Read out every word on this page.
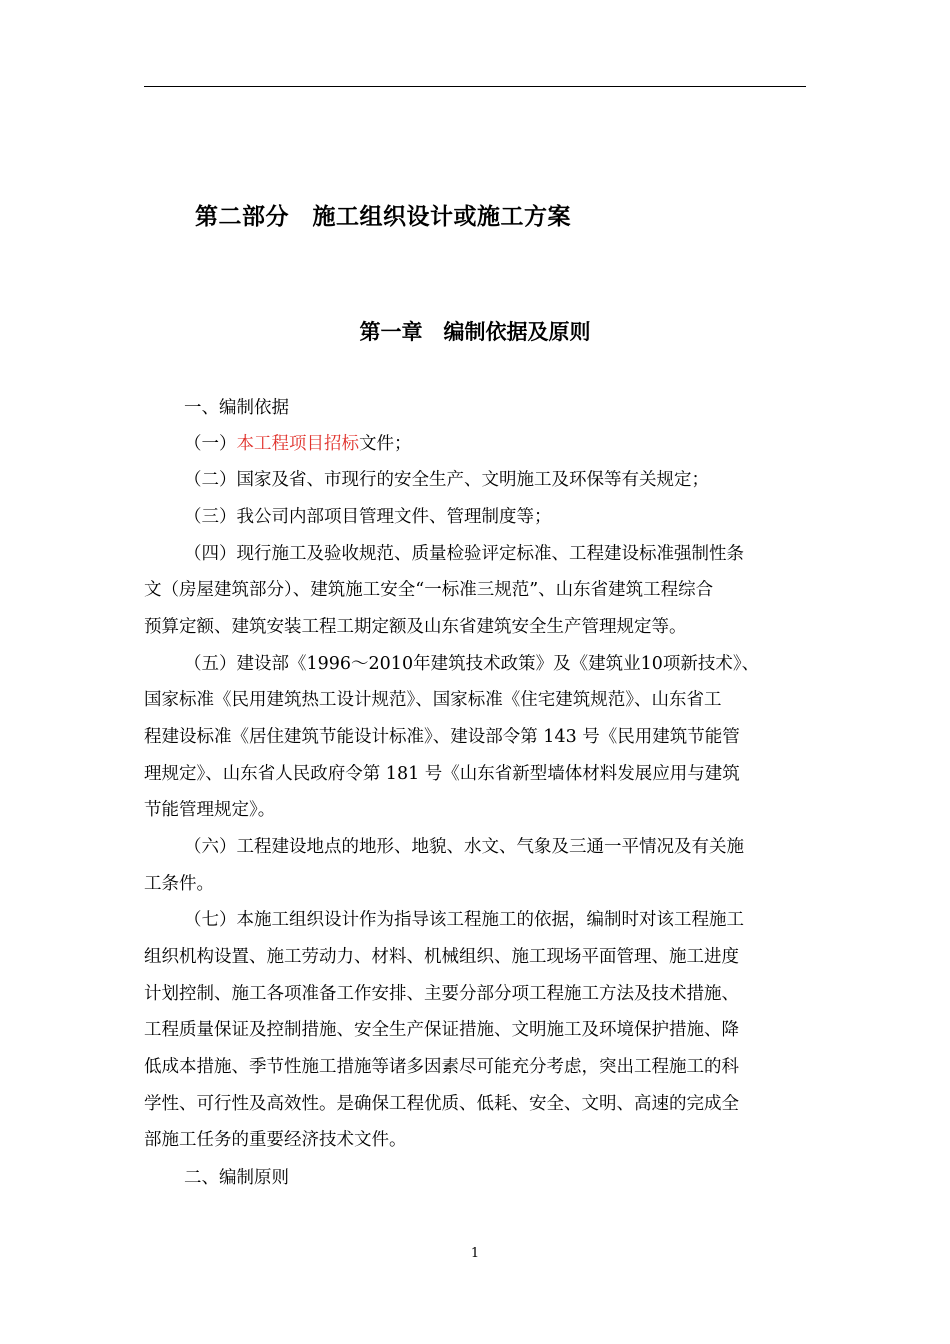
第二部分　施工组织设计或施工方案
第一章　编制依据及原则
一、编制依据
（一）本工程项目招标文件；
（二）国家及省、市现行的安全生产、文明施工及环保等有关规定；
（三）我公司内部项目管理文件、管理制度等；
（四）现行施工及验收规范、质量检验评定标准、工程建设标准强制性条
文（房屋建筑部分）、建筑施工安全“一标准三规范”、山东省建筑工程综合
预算定额、建筑安装工程工期定额及山东省建筑安全生产管理规定等。
（五）建设部《1996～2010年建筑技术政策》及《建筑业10项新技术》、
国家标准《民用建筑热工设计规范》、国家标准《住宅建筑规范》、山东省工
程建设标准《居住建筑节能设计标准》、建设部令第 143 号《民用建筑节能管
理规定》、山东省人民政府令第 181 号《山东省新型墙体材料发展应用与建筑
节能管理规定》。
（六）工程建设地点的地形、地貌、水文、气象及三通一平情况及有关施
工条件。
（七）本施工组织设计作为指导该工程施工的依据，编制时对该工程施工
组织机构设置、施工劳动力、材料、机械组织、施工现场平面管理、施工进度
计划控制、施工各项准备工作安排、主要分部分项工程施工方法及技术措施、
工程质量保证及控制措施、安全生产保证措施、文明施工及环境保护措施、降
低成本措施、季节性施工措施等诸多因素尽可能充分考虑，突出工程施工的科
学性、可行性及高效性。是确保工程优质、低耗、安全、文明、高速的完成全
部施工任务的重要经济技术文件。
二、编制原则
1
